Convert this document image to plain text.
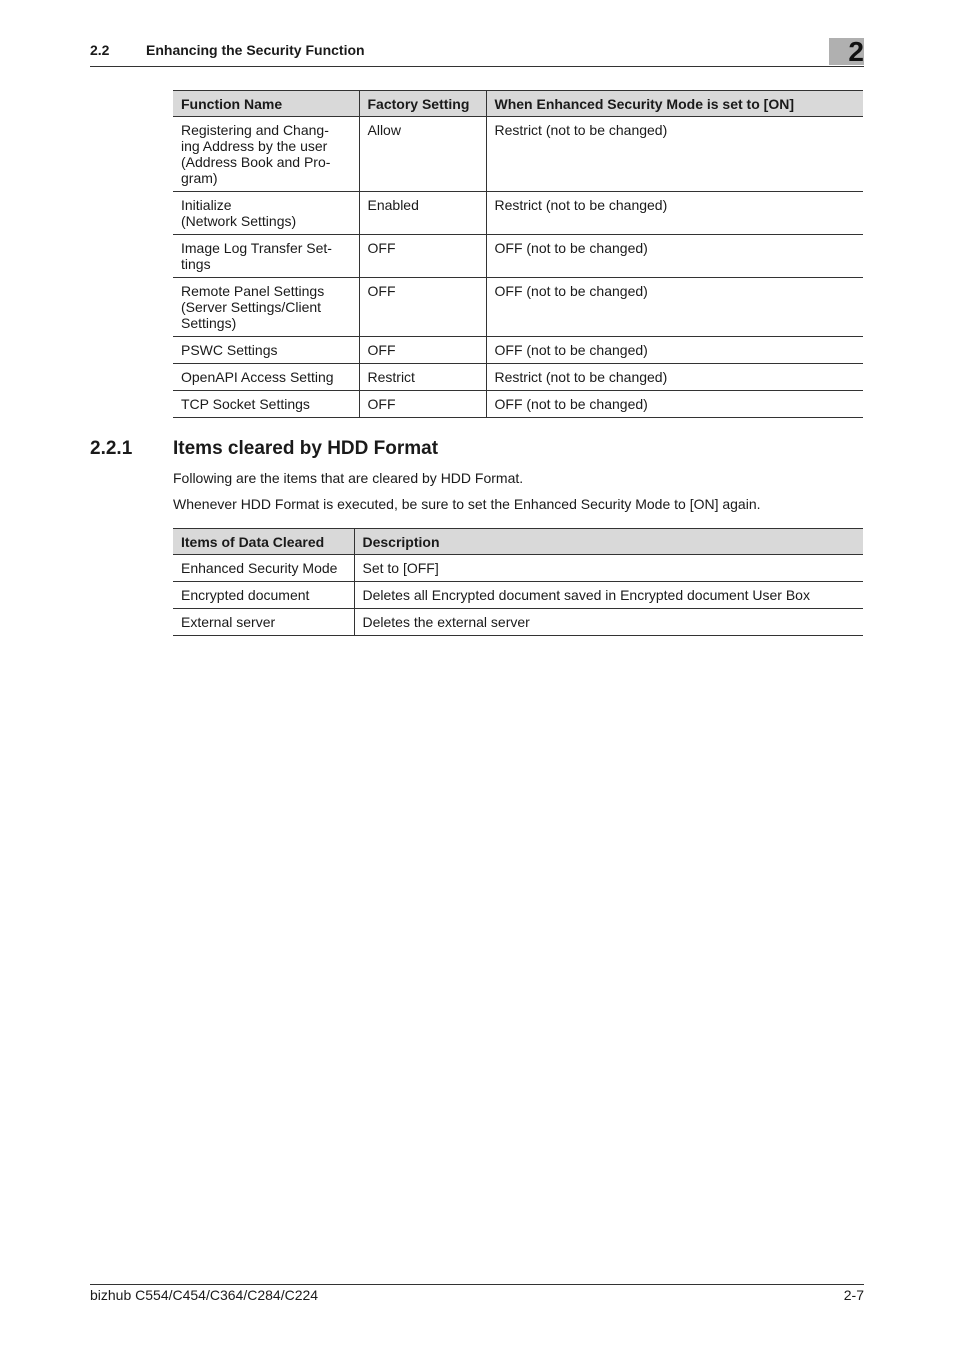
2.2	Enhancing the Security Function	2
Function Name	Factory Setting	When Enhanced Security Mode is set to [ON]
Registering and Chang-
ing Address by the user
(Address Book and Pro-
gram)	Allow	Restrict (not to be changed)
Initialize
(Network Settings)	Enabled	Restrict (not to be changed)
Image Log Transfer Set-
tings	OFF	OFF (not to be changed)
Remote Panel Settings
(Server Settings/Client
Settings)	OFF	OFF (not to be changed)
PSWC Settings	OFF	OFF (not to be changed)
OpenAPI Access Setting	Restrict	Restrict (not to be changed)
TCP Socket Settings	OFF	OFF (not to be changed)
2.2.1 Items cleared by HDD Format
Following are the items that are cleared by HDD Format.
Whenever HDD Format is executed, be sure to set the Enhanced Security Mode to [ON] again.
Items of Data Cleared	Description
Enhanced Security Mode	Set to [OFF]
Encrypted document	Deletes all Encrypted document saved in Encrypted document User Box
External server	Deletes the external server
bizhub C554/C454/C364/C284/C224	2-7
